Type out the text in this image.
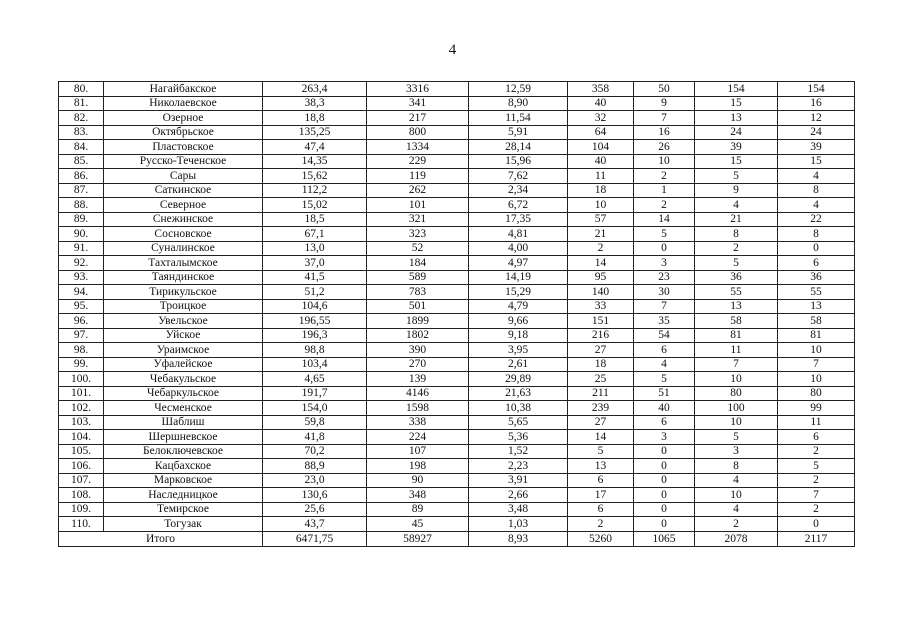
4
80.	Нагайбакское	263,4	3316	12,59	358	50	154	154
81.	Николаевское	38,3	341	8,90	40	9	15	16
82.	Озерное	18,8	217	11,54	32	7	13	12
83.	Октябрьское	135,25	800	5,91	64	16	24	24
84.	Пластовское	47,4	1334	28,14	104	26	39	39
85.	Русско-Теченское	14,35	229	15,96	40	10	15	15
86.	Сары	15,62	119	7,62	11	2	5	4
87.	Саткинское	112,2	262	2,34	18	1	9	8
88.	Северное	15,02	101	6,72	10	2	4	4
89.	Снежинское	18,5	321	17,35	57	14	21	22
90.	Сосновское	67,1	323	4,81	21	5	8	8
91.	Суналинское	13,0	52	4,00	2	0	2	0
92.	Тахталымское	37,0	184	4,97	14	3	5	6
93.	Таяндинское	41,5	589	14,19	95	23	36	36
94.	Тирикульское	51,2	783	15,29	140	30	55	55
95.	Троицкое	104,6	501	4,79	33	7	13	13
96.	Увельское	196,55	1899	9,66	151	35	58	58
97.	Уйское	196,3	1802	9,18	216	54	81	81
98.	Ураимское	98,8	390	3,95	27	6	11	10
99.	Уфалейское	103,4	270	2,61	18	4	7	7
100.	Чебакульское	4,65	139	29,89	25	5	10	10
101.	Чебаркульское	191,7	4146	21,63	211	51	80	80
102.	Чесменское	154,0	1598	10,38	239	40	100	99
103.	Шаблиш	59,8	338	5,65	27	6	10	11
104.	Шершневское	41,8	224	5,36	14	3	5	6
105.	Белоключевское	70,2	107	1,52	5	0	3	2
106.	Кацбахское	88,9	198	2,23	13	0	8	5
107.	Марковское	23,0	90	3,91	6	0	4	2
108.	Наследницкое	130,6	348	2,66	17	0	10	7
109.	Темирское	25,6	89	3,48	6	0	4	2
110.	Тогузак	43,7	45	1,03	2	0	2	0
Итого		6471,75	58927	8,93	5260	1065	2078	2117
